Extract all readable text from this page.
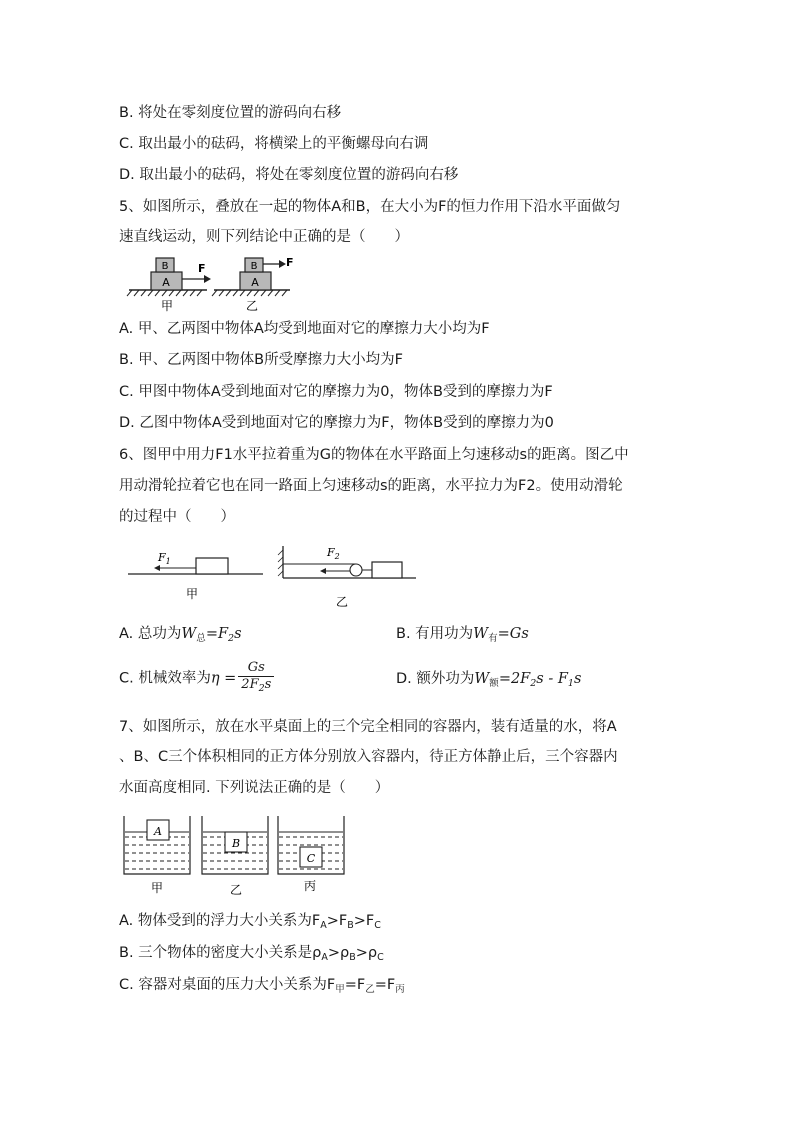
B. 将处在零刻度位置的游码向右移
C. 取出最小的砝码，将横梁上的平衡螺母向右调
D. 取出最小的砝码，将处在零刻度位置的游码向右移
5、如图所示，叠放在一起的物体A和B，在大小为F的恒力作用下沿水平面做匀
速直线运动，则下列结论中正确的是（　　）
A
B	F
甲
A
B	F
乙
A. 甲、乙两图中物体A均受到地面对它的摩擦力大小均为F
B. 甲、乙两图中物体B所受摩擦力大小均为F
C. 甲图中物体A受到地面对它的摩擦力为0，物体B受到的摩擦力为F
D. 乙图中物体A受到地面对它的摩擦力为F，物体B受到的摩擦力为0
6、图甲中用力F1水平拉着重为G的物体在水平路面上匀速移动s的距离。图乙中
用动滑轮拉着它也在同一路面上匀速移动s的距离，水平拉力为F2。使用动滑轮
的过程中（　　）
$F_1$
甲
$F_2$
乙
A. 总功为$W_总=F_2s$	B. 有用功为$W_有=Gs$
C. 机械效率为$\eta = \frac{Gs}{2F_2s}$	D. 额外功为$W_额=2F_2s - F_1s$
7、如图所示，放在水平桌面上的三个完全相同的容器内，装有适量的水，将A
、B、C三个体积相同的正方体分别放入容器内，待正方体静止后，三个容器内
水面高度相同. 下列说法正确的是（　　）
A
甲
B
乙
C
丙
A. 物体受到的浮力大小关系为$F_A>F_B>F_C$
B. 三个物体的密度大小关系是$\rho_A>\rho_B>\rho_C$
C. 容器对桌面的压力大小关系为$F_甲=F_乙=F_丙$
